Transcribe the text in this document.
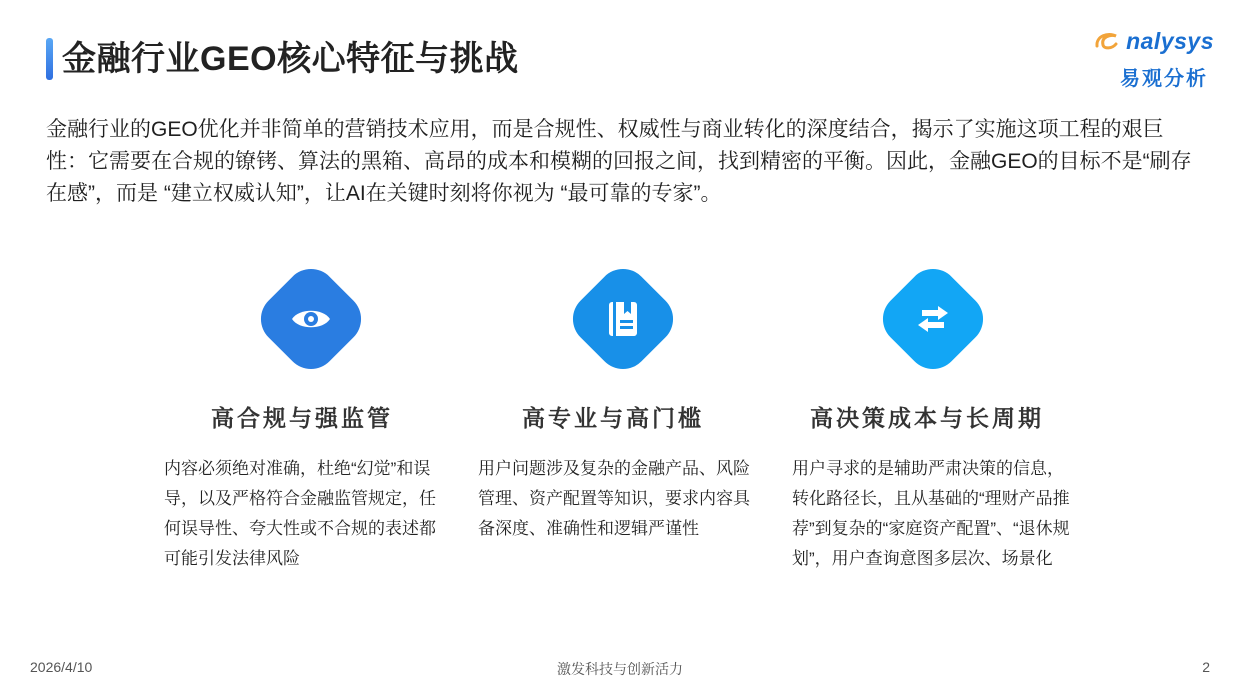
金融行业GEO核心特征与挑战	nalysys
易观分析
金融行业的GEO优化并非简单的营销技术应用，而是合规性、权威性与商业转化的深度结合，揭示了实施这项工程的艰巨性：它需要在合规的镣铐、算法的黑箱、高昂的成本和模糊的回报之间，找到精密的平衡。因此，金融GEO的目标不是“刷存在感”，而是 “建立权威认知”，让AI在关键时刻将你视为 “最可靠的专家”。
高合规与强监管
内容必须绝对准确，杜绝“幻觉”和误导，以及严格符合金融监管规定，任何误导性、夸大性或不合规的表述都可能引发法律风险
高专业与高门槛
用户问题涉及复杂的金融产品、风险管理、资产配置等知识，要求内容具备深度、准确性和逻辑严谨性
高决策成本与长周期
用户寻求的是辅助严肃决策的信息，转化路径长，且从基础的“理财产品推荐”到复杂的“家庭资产配置”、“退休规划”，用户查询意图多层次、场景化
2026/4/10	激发科技与创新活力	2
